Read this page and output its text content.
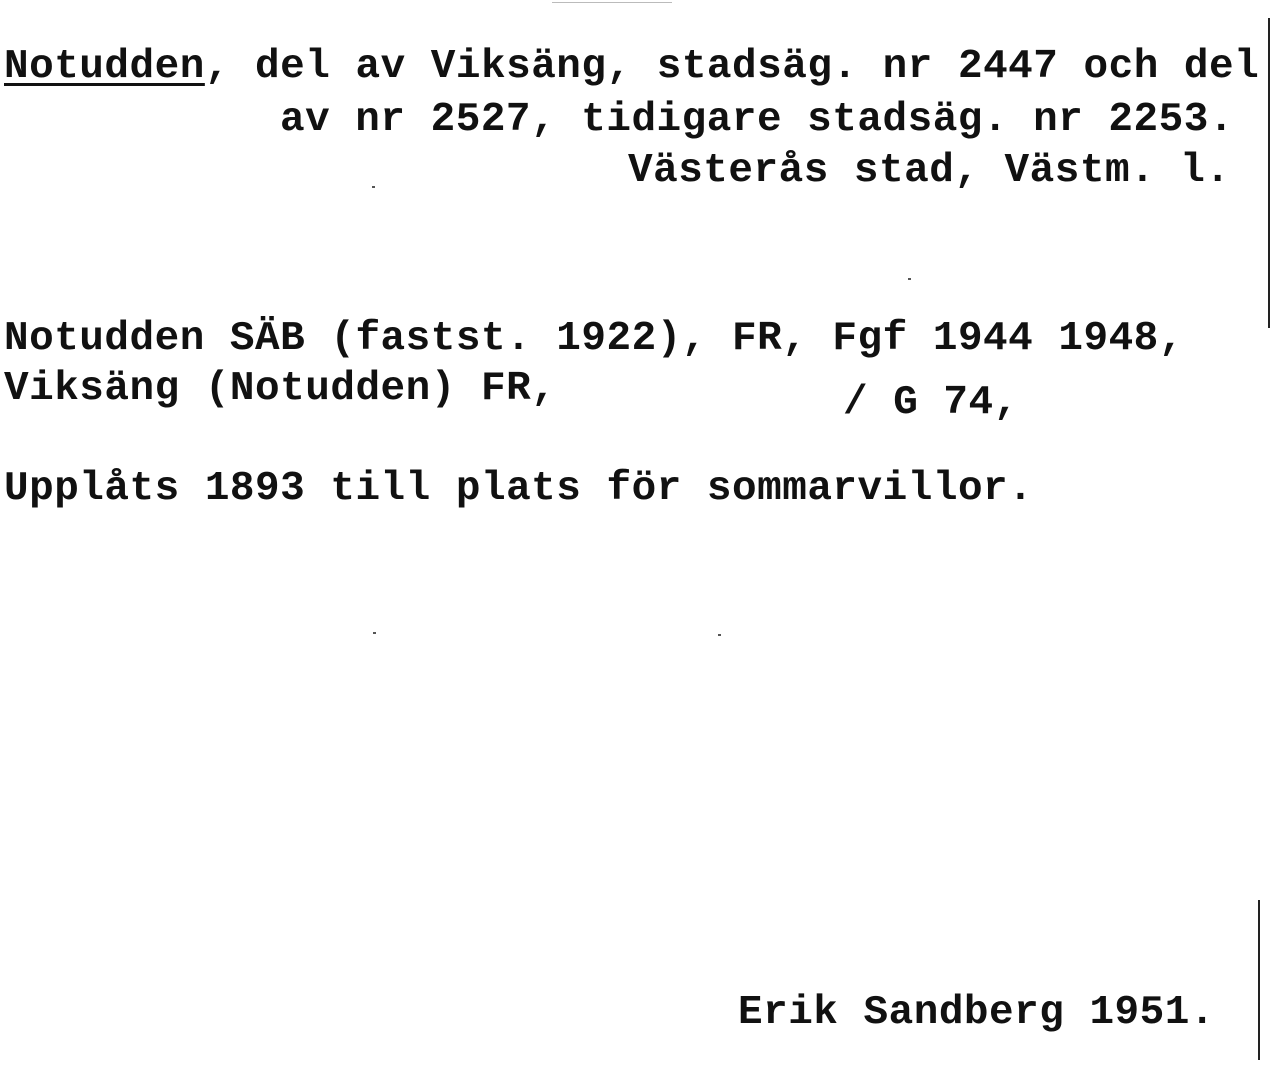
Notudden, del av Viksäng, stadsäg. nr 2447 och del
av nr 2527, tidigare stadsäg. nr 2253.
Västerås stad, Västm. l.
Notudden SÄB (fastst. 1922), FR, Fgf 1944 1948,
Viksäng (Notudden) FR,	/ G 74,
Upplåts 1893 till plats för sommarvillor.
Erik Sandberg 1951.
